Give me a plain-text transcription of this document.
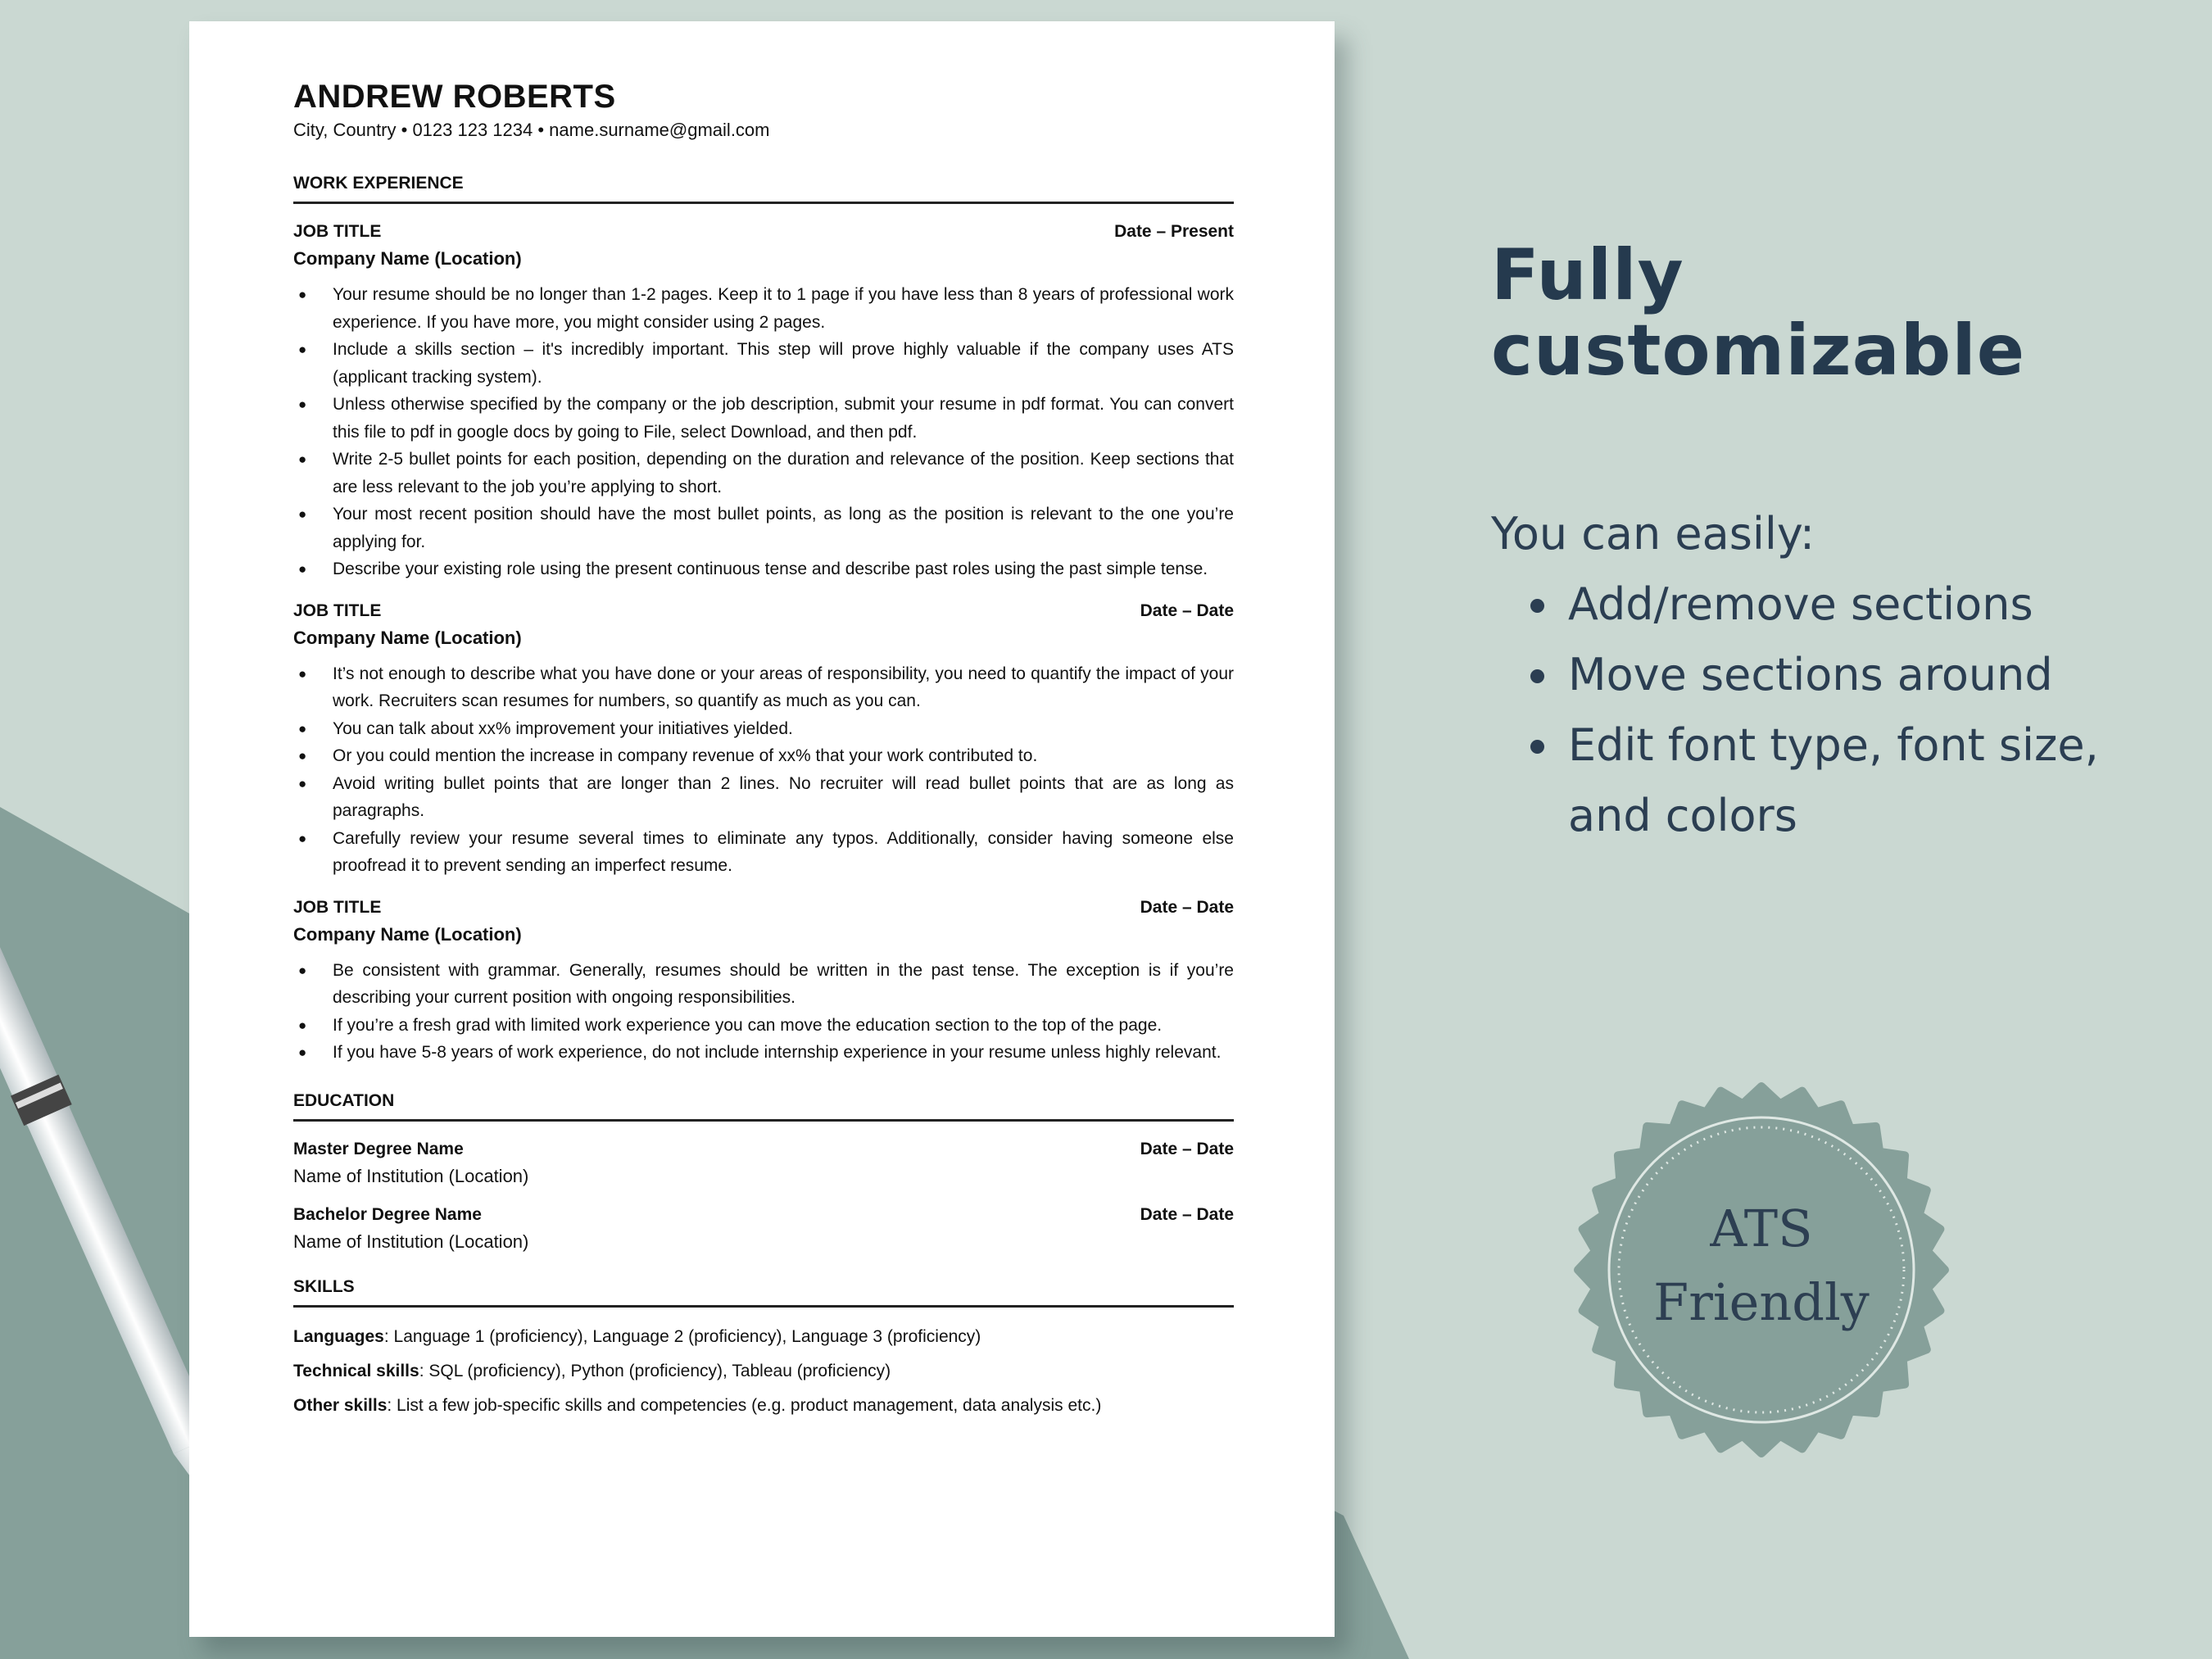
ANDREW ROBERTS
City, Country • 0123 123 1234 • name.surname@gmail.com
WORK EXPERIENCE
JOB TITLE	Date – Present
Company Name (Location)
● Your resume should be no longer than 1-2 pages. Keep it to 1 page if you have less than 8 years of professional work experience. If you have more, you might consider using 2 pages.
● Include a skills section – it's incredibly important. This step will prove highly valuable if the company uses ATS (applicant tracking system).
● Unless otherwise specified by the company or the job description, submit your resume in pdf format. You can convert this file to pdf in google docs by going to File, select Download, and then pdf.
● Write 2-5 bullet points for each position, depending on the duration and relevance of the position. Keep sections that are less relevant to the job you’re applying to short.
● Your most recent position should have the most bullet points, as long as the position is relevant to the one you’re applying for.
● Describe your existing role using the present continuous tense and describe past roles using the past simple tense.
JOB TITLE	Date – Date
Company Name (Location)
● It’s not enough to describe what you have done or your areas of responsibility, you need to quantify the impact of your work. Recruiters scan resumes for numbers, so quantify as much as you can.
● You can talk about xx% improvement your initiatives yielded.
● Or you could mention the increase in company revenue of xx% that your work contributed to.
● Avoid writing bullet points that are longer than 2 lines. No recruiter will read bullet points that are as long as paragraphs.
● Carefully review your resume several times to eliminate any typos. Additionally, consider having someone else proofread it to prevent sending an imperfect resume.
JOB TITLE	Date – Date
Company Name (Location)
● Be consistent with grammar. Generally, resumes should be written in the past tense. The exception is if you’re describing your current position with ongoing responsibilities.
● If you’re a fresh grad with limited work experience you can move the education section to the top of the page.
● If you have 5-8 years of work experience, do not include internship experience in your resume unless highly relevant.
EDUCATION
Master Degree Name	Date – Date
Name of Institution (Location)
Bachelor Degree Name	Date – Date
Name of Institution (Location)
SKILLS
Languages: Language 1 (proficiency), Language 2 (proficiency), Language 3 (proficiency)
Technical skills: SQL (proficiency), Python (proficiency), Tableau (proficiency)
Other skills: List a few job-specific skills and competencies (e.g. product management, data analysis etc.)
Fully
customizable
You can easily:
• Add/remove sections
• Move sections around
• Edit font type, font size, and colors
ATS
Friendly
